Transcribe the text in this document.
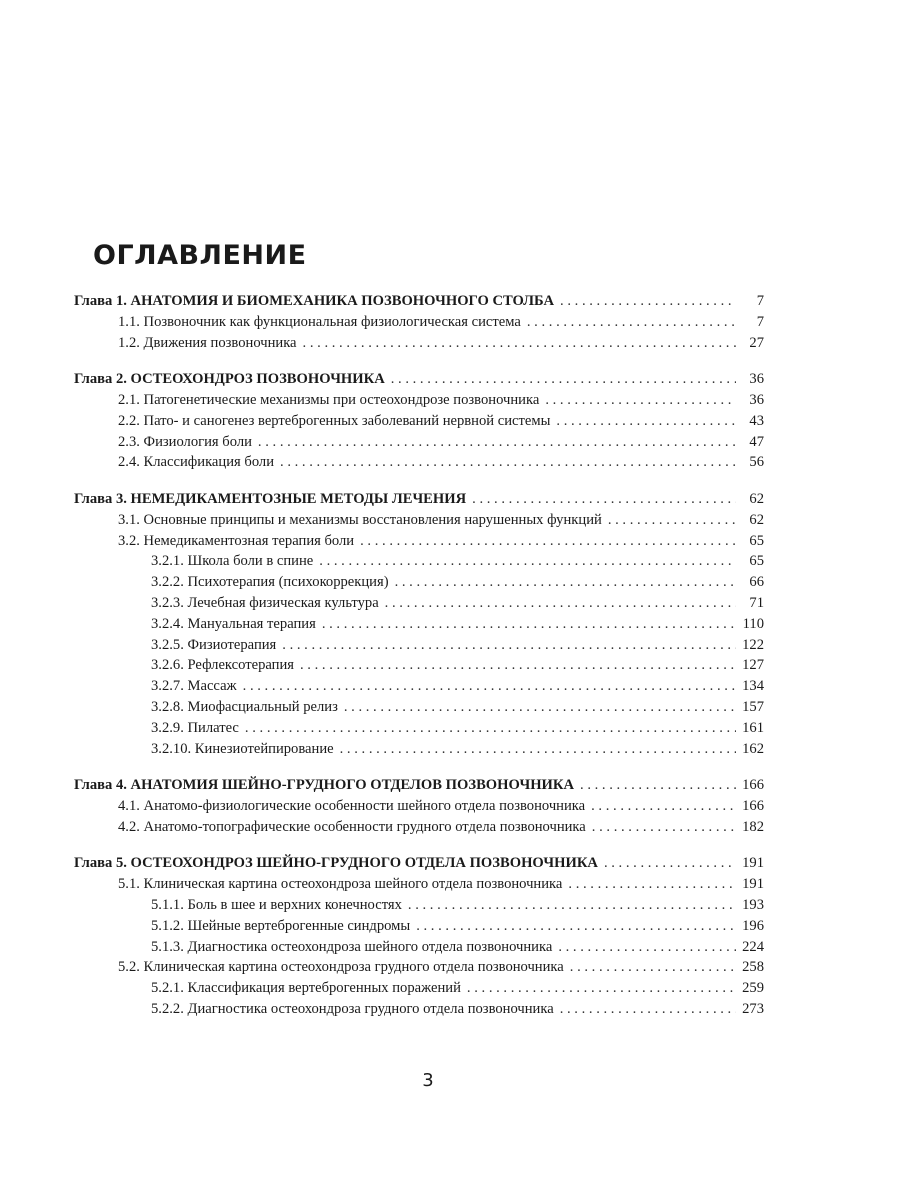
ОГЛАВЛЕНИЕ
Глава 1. АНАТОМИЯ И БИОМЕХАНИКА ПОЗВОНОЧНОГО СТОЛБА . . .	7
1.1. Позвоночник как функциональная физиологическая система . . .	7
1.2. Движения позвоночника . . .	27
Глава 2. ОСТЕОХОНДРОЗ ПОЗВОНОЧНИКА . . .	36
2.1. Патогенетические механизмы при остеохондрозе позвоночника . . .	36
2.2. Пато- и саногенез вертеброгенных заболеваний нервной системы . . .	43
2.3. Физиология боли . . .	47
2.4. Классификация боли . . .	56
Глава 3. НЕМЕДИКАМЕНТОЗНЫЕ МЕТОДЫ ЛЕЧЕНИЯ . . .	62
3.1. Основные принципы и механизмы восстановления нарушенных функций . . .	62
3.2. Немедикаментозная терапия боли . . .	65
3.2.1. Школа боли в спине . . .	65
3.2.2. Психотерапия (психокоррекция) . . .	66
3.2.3. Лечебная физическая культура . . .	71
3.2.4. Мануальная терапия . . .	110
3.2.5. Физиотерапия . . .	122
3.2.6. Рефлексотерапия . . .	127
3.2.7. Массаж . . .	134
3.2.8. Миофасциальный релиз . . .	157
3.2.9. Пилатес . . .	161
3.2.10. Кинезиотейпирование . . .	162
Глава 4. АНАТОМИЯ ШЕЙНО-ГРУДНОГО ОТДЕЛОВ ПОЗВОНОЧНИКА . . .	166
4.1. Анатомо-физиологические особенности шейного отдела позвоночника . . .	166
4.2. Анатомо-топографические особенности грудного отдела позвоночника . . .	182
Глава 5. ОСТЕОХОНДРОЗ ШЕЙНО-ГРУДНОГО ОТДЕЛА ПОЗВОНОЧНИКА . . .	191
5.1. Клиническая картина остеохондроза шейного отдела позвоночника . . .	191
5.1.1. Боль в шее и верхних конечностях . . .	193
5.1.2. Шейные вертеброгенные синдромы . . .	196
5.1.3. Диагностика остеохондроза шейного отдела позвоночника . . .	224
5.2. Клиническая картина остеохондроза грудного отдела позвоночника . . .	258
5.2.1. Классификация вертеброгенных поражений . . .	259
5.2.2. Диагностика остеохондроза грудного отдела позвоночника . . .	273
3
